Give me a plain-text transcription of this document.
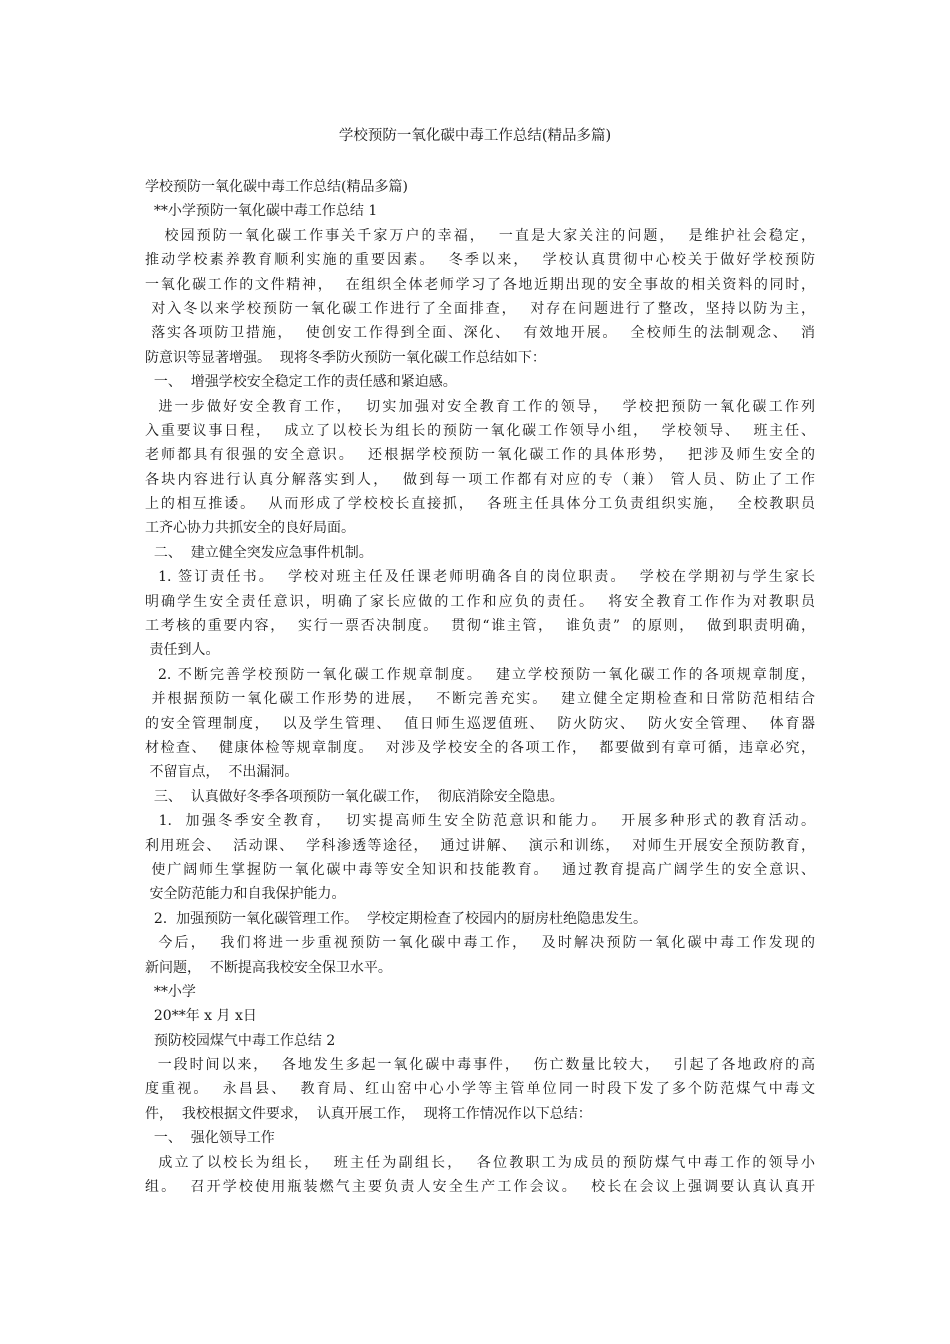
学校预防一氧化碳中毒工作总结(精品多篇)
学校预防一氧化碳中毒工作总结(精品多篇)
**小学预防一氧化碳中毒工作总结 1
校园预防一氧化碳工作事关千家万户的幸福，  一直是大家关注的问题，  是维护社会稳定，
推动学校素养教育顺利实施的重要因素。  冬季以来，  学校认真贯彻中心校关于做好学校预防
一氧化碳工作的文件精神，  在组织全体老师学习了各地近期出现的安全事故的相关资料的同时，
对入冬以来学校预防一氧化碳工作进行了全面排查，  对存在问题进行了整改，坚持以防为主，
落实各项防卫措施，  使创安工作得到全面、深化、  有效地开展。  全校师生的法制观念、  消
防意识等显著增强。  现将冬季防火预防一氧化碳工作总结如下：
一、  增强学校安全稳定工作的责任感和紧迫感。
进一步做好安全教育工作，  切实加强对安全教育工作的领导，  学校把预防一氧化碳工作列
入重要议事日程，  成立了以校长为组长的预防一氧化碳工作领导小组，  学校领导、  班主任、
老师都具有很强的安全意识。  还根据学校预防一氧化碳工作的具体形势，  把涉及师生安全的
各块内容进行认真分解落实到人，  做到每一项工作都有对应的专（兼） 管人员、防止了工作
上的相互推诿。  从而形成了学校校长直接抓，  各班主任具体分工负责组织实施，  全校教职员
工齐心协力共抓安全的良好局面。
二、  建立健全突发应急事件机制。
1. 签订责任书。  学校对班主任及任课老师明确各自的岗位职责。  学校在学期初与学生家长
明确学生安全责任意识，明确了家长应做的工作和应负的责任。  将安全教育工作作为对教职员
工考核的重要内容，  实行一票否决制度。  贯彻“谁主管，  谁负责”  的原则，  做到职责明确，
责任到人。
2. 不断完善学校预防一氧化碳工作规章制度。  建立学校预防一氧化碳工作的各项规章制度，
并根据预防一氧化碳工作形势的进展，  不断完善充实。  建立健全定期检查和日常防范相结合
的安全管理制度，  以及学生管理、  值日师生巡逻值班、  防火防灾、  防火安全管理、  体育器
材检查、  健康体检等规章制度。  对涉及学校安全的各项工作，  都要做到有章可循，违章必究，
不留盲点，  不出漏洞。
三、  认真做好冬季各项预防一氧化碳工作，  彻底消除安全隐患。
1.  加强冬季安全教育，  切实提高师生安全防范意识和能力。  开展多种形式的教育活动。
利用班会、  活动课、  学科渗透等途径，  通过讲解、  演示和训练，  对师生开展安全预防教育，
使广阔师生掌握防一氧化碳中毒等安全知识和技能教育。  通过教育提高广阔学生的安全意识、
安全防范能力和自我保护能力。
2.  加强预防一氧化碳管理工作。  学校定期检查了校园内的厨房杜绝隐患发生。
今后，  我们将进一步重视预防一氧化碳中毒工作，  及时解决预防一氧化碳中毒工作发现的
新问题，  不断提高我校安全保卫水平。
**小学
20**年 x 月 x日
预防校园煤气中毒工作总结 2
一段时间以来，  各地发生多起一氧化碳中毒事件，  伤亡数量比较大，  引起了各地政府的高
度重视。  永昌县、  教育局、红山窑中心小学等主管单位同一时段下发了多个防范煤气中毒文
件，  我校根据文件要求，  认真开展工作，  现将工作情况作以下总结：
一、  强化领导工作
成立了以校长为组长，  班主任为副组长，  各位教职工为成员的预防煤气中毒工作的领导小
组。  召开学校使用瓶装燃气主要负责人安全生产工作会议。  校长在会议上强调要认真认真开
